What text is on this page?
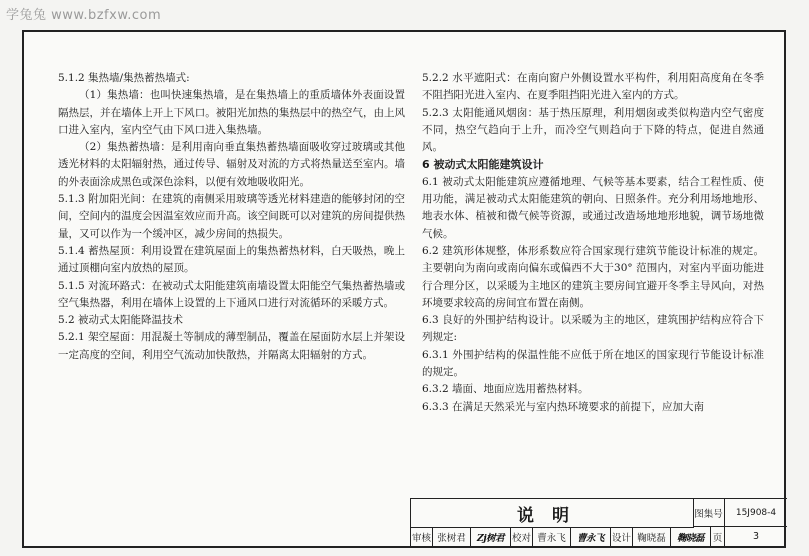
学兔兔 www.bzfxw.com

5.1.2 集热墙/集热蓄热墙式:

（1）集热墙：也叫快速集热墙，是在集热墙上的重质墙体外表面设置隔热层，并在墙体上开上下风口。被阳光加热的集热层中的热空气，由上风口进入室内，室内空气由下风口进入集热墙。

（2）集热蓄热墙：是利用南向垂直集热蓄热墙面吸收穿过玻璃或其他透光材料的太阳辐射热，通过传导、辐射及对流的方式将热量送至室内。墙的外表面涂成黑色或深色涂料，以便有效地吸收阳光。

5.1.3 附加阳光间：在建筑的南侧采用玻璃等透光材料建造的能够封闭的空间，空间内的温度会因温室效应而升高。该空间既可以对建筑的房间提供热量，又可以作为一个缓冲区，减少房间的热损失。

5.1.4 蓄热屋顶：利用设置在建筑屋面上的集热蓄热材料，白天吸热，晚上通过顶棚向室内放热的屋顶。

5.1.5 对流环路式：在被动式太阳能建筑南墙设置太阳能空气集热蓄热墙或空气集热器，利用在墙体上设置的上下通风口进行对流循环的采暖方式。

5.2 被动式太阳能降温技术

5.2.1 架空屋面：用混凝土等制成的薄型制品，覆盖在屋面防水层上并架设一定高度的空间，利用空气流动加快散热，并隔离太阳辐射的方式。

5.2.2 水平遮阳式：在南向窗户外侧设置水平构件，利用阳高度角在冬季不阻挡阳光进入室内、在夏季阻挡阳光进入室内的方式。

5.2.3 太阳能通风烟囱：基于热压原理，利用烟囱或类似构造内空气密度不同，热空气趋向于上升，而冷空气则趋向于下降的特点，促进自然通风。

6 被动式太阳能建筑设计

6.1 被动式太阳能建筑应遵循地理、气候等基本要素，结合工程性质、使用功能，满足被动式太阳能建筑的朝向、日照条件。充分利用场地地形、地表水体、植被和微气候等资源，或通过改造场地地形地貌，调节场地微气候。

6.2 建筑形体规整，体形系数应符合国家现行建筑节能设计标准的规定。主要朝向为南向或南向偏东或偏西不大于30° 范围内，对室内平面功能进行合理分区，以采暖为主地区的建筑主要房间宜避开冬季主导风向，对热环境要求较高的房间宜布置在南侧。

6.3 良好的外围护结构设计。以采暖为主的地区，建筑围护结构应符合下列规定:

6.3.1 外围护结构的保温性能不应低于所在地区的国家现行节能设计标准的规定。

6.3.2 墙面、地面应选用蓄热材料。

6.3.3 在满足天然采光与室内热环境要求的前提下，应加大南

说明	图集号	15J908-4
审核 张树君	Zj树君 校对 曹永飞	曹永飞 设计 鞠晓磊	鞠晓磊 页	3
